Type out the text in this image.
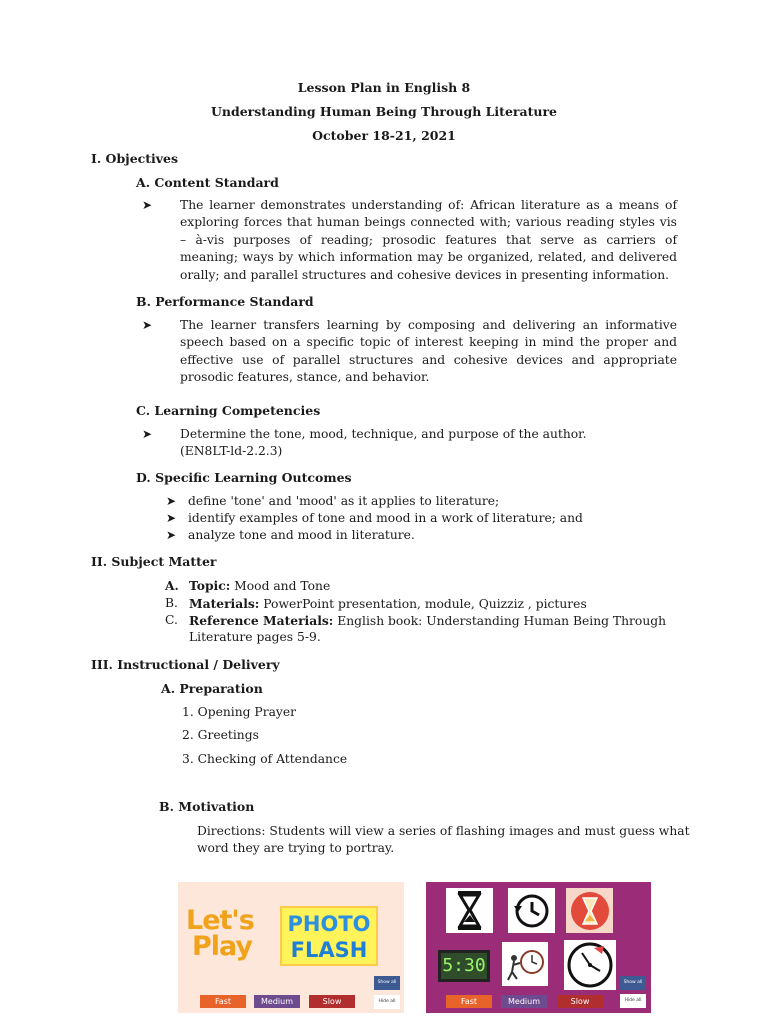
Lesson Plan in English 8
Understanding Human Being Through Literature
October 18-21, 2021
I. Objectives
A. Content Standard
➤ The learner demonstrates understanding of: African literature as a means of exploring forces that human beings connected with; various reading styles vis – à-vis purposes of reading; prosodic features that serve as carriers of meaning; ways by which information may be organized, related, and delivered orally; and parallel structures and cohesive devices in presenting information.
B. Performance Standard
➤ The learner transfers learning by composing and delivering an informative speech based on a specific topic of interest keeping in mind the proper and effective use of parallel structures and cohesive devices and appropriate prosodic features, stance, and behavior.
C. Learning Competencies
➤ Determine the tone, mood, technique, and purpose of the author.
(EN8LT-ld-2.2.3)
D. Specific Learning Outcomes
➤ define 'tone' and 'mood' as it applies to literature;
➤ identify examples of tone and mood in a work of literature; and
➤ analyze tone and mood in literature.
II. Subject Matter
A. Topic: Mood and Tone
B. Materials: PowerPoint presentation, module, Quizziz , pictures
C. Reference Materials: English book: Understanding Human Being Through
Literature pages 5-9.
III. Instructional / Delivery
A. Preparation
1. Opening Prayer
2. Greetings
3. Checking of Attendance
B. Motivation
Directions: Students will view a series of flashing images and must guess what
word they are trying to portray.
Let's
Play
PHOTO
FLASH
Show all
Hide all
Fast	Medium	Slow
5:30
Show all
Hide all
Fast	Medium	Slow
